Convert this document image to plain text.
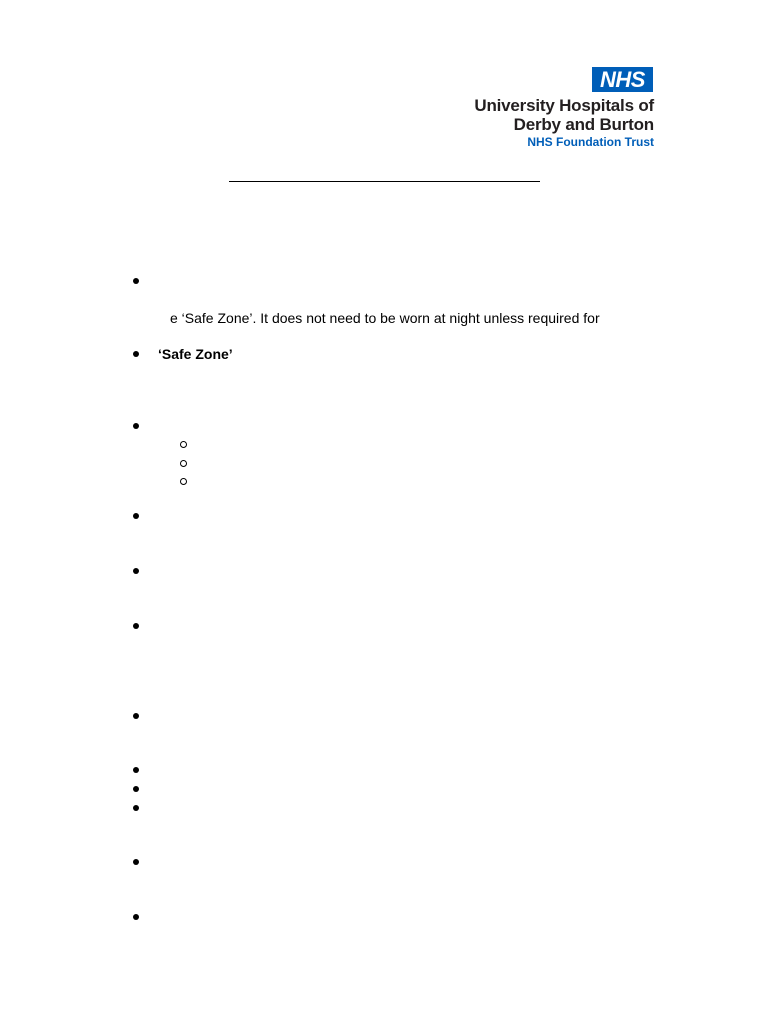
NHS
University Hospitals of
Derby and Burton
NHS Foundation Trust
e ‘Safe Zone’. It does not need to be worn at night unless required for
‘Safe Zone’
